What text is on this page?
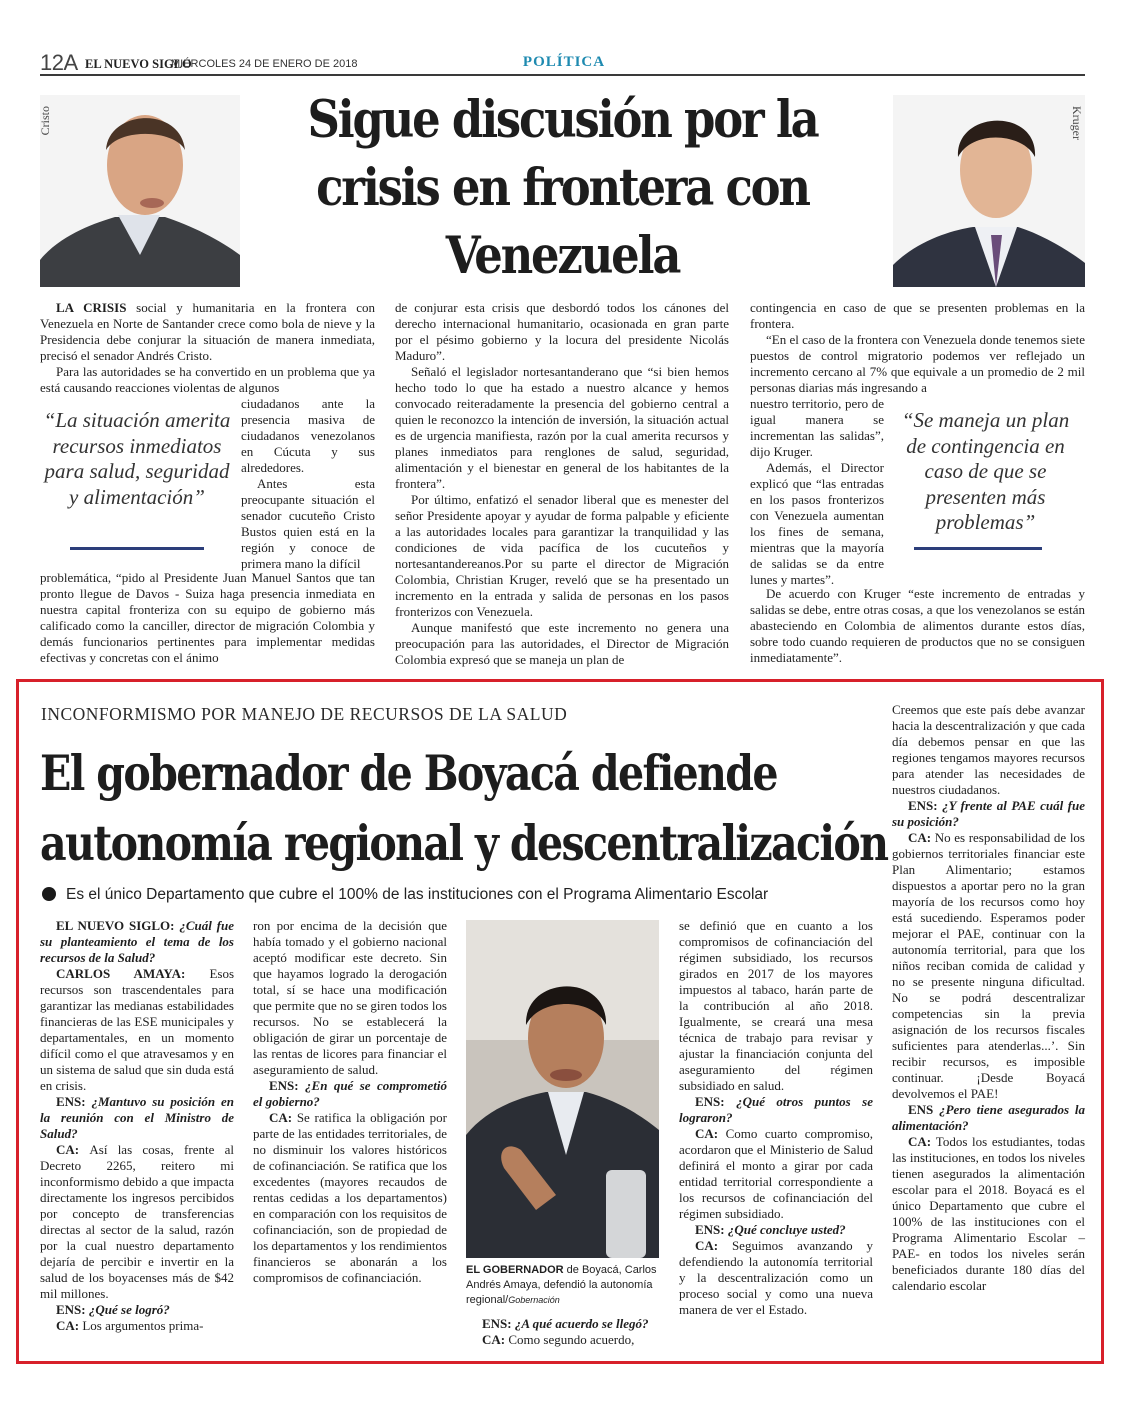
12A EL NUEVO SIGLO
MIÉRCOLES 24 DE ENERO DE 2018	POLÍTICA
Cristo	Kruger
Sigue discusión por la
crisis en frontera con
Venezuela

LA CRISIS social y humanitaria en la frontera con Venezuela en Norte de Santander crece como bola de nieve y la Presidencia debe conjurar la situación de manera inmediata, precisó el senador Andrés Cristo.

Para las autoridades se ha convertido en un problema que ya está causando reacciones violentas de algunos

“La situación amerita recursos inmediatos para salud, seguridad y alimentación”

ciudadanos ante la presencia masiva de ciudadanos venezolanos en Cúcuta y sus alrededores.

Antes esta preocupante situación el senador cucuteño Cristo Bustos quien está en la región y conoce de primera mano la difícil

problemática, “pido al Presidente Juan Manuel Santos que tan pronto llegue de Davos - Suiza haga presencia inmediata en nuestra capital fronteriza con su equipo de gobierno más calificado como la canciller, director de migración Colombia y demás funcionarios pertinentes para implementar medidas efectivas y concretas con el ánimo

de conjurar esta crisis que desbordó todos los cánones del derecho internacional humanitario, ocasionada en gran parte por el pésimo gobierno y la locura del presidente Nicolás Maduro”.

Señaló el legislador nortesantanderano que “si bien hemos hecho todo lo que ha estado a nuestro alcance y hemos convocado reiteradamente la presencia del gobierno central a quien le reconozco la intención de inversión, la situación actual es de urgencia manifiesta, razón por la cual amerita recursos y planes inmediatos para renglones de salud, seguridad, alimentación y el bienestar en general de los habitantes de la frontera”.

Por último, enfatizó el senador liberal que es menester del señor Presidente apoyar y ayudar de forma palpable y eficiente a las autoridades locales para garantizar la tranquilidad y las condiciones de vida pacífica de los cucuteños y nortesantandereanos.Por su parte el director de Migración Colombia, Christian Kruger, reveló que se ha presentado un incremento en la entrada y salida de personas en los pasos fronterizos con Venezuela.

Aunque manifestó que este incremento no genera una preocupación para las autoridades, el Director de Migración Colombia expresó que se maneja un plan de

contingencia en caso de que se presenten problemas en la frontera.

“En el caso de la frontera con Venezuela donde tenemos siete puestos de control migratorio podemos ver reflejado un incremento cercano al 7% que equivale a un promedio de 2 mil personas diarias más ingresando a

nuestro territorio, pero de igual manera se incrementan las salidas”, dijo Kruger.

Además, el Director explicó que “las entradas en los pasos fronterizos con Venezuela aumentan los fines de semana, mientras que la mayoría de salidas se da entre lunes y martes”.

“Se maneja un plan de contingencia en caso de que se presenten más problemas”

De acuerdo con Kruger “este incremento de entradas y salidas se debe, entre otras cosas, a que los venezolanos se están abasteciendo en Colombia de alimentos durante estos días, sobre todo cuando requieren de productos que no se consiguen inmediatamente”.

INCONFORMISMO POR MANEJO DE RECURSOS DE LA SALUD
El gobernador de Boyacá defiende
autonomía regional y descentralización
Es el único Departamento que cubre el 100% de las instituciones con el Programa Alimentario Escolar

EL NUEVO SIGLO: ¿Cuál fue su planteamiento el tema de los recursos de la Salud?

CARLOS AMAYA: Esos recursos son trascendentales para garantizar las medianas estabilidades financieras de las ESE municipales y departamentales, en un momento difícil como el que atravesamos y en un sistema de salud que sin duda está en crisis.

ENS: ¿Mantuvo su posición en la reunión con el Ministro de Salud?

CA: Así las cosas, frente al Decreto 2265, reitero mi inconformismo debido a que impacta directamente los ingresos percibidos por concepto de transferencias directas al sector de la salud, razón por la cual nuestro departamento dejaría de percibir e invertir en la salud de los boyacenses más de $42 mil millones.

ENS: ¿Qué se logró?

CA: Los argumentos prima-

ron por encima de la decisión que había tomado y el gobierno nacional aceptó modificar este decreto. Sin que hayamos logrado la derogación total, sí se hace una modificación que permite que no se giren todos los recursos. No se establecerá la obligación de girar un porcentaje de las rentas de licores para financiar el aseguramiento de salud.

ENS: ¿En qué se comprometió el gobierno?

CA: Se ratifica la obligación por parte de las entidades territoriales, de no disminuir los valores históricos de cofinanciación. Se ratifica que los excedentes (mayores recaudos de rentas cedidas a los departamentos) en comparación con los requisitos de cofinanciación, son de propiedad de los departamentos y los rendimientos financieros se abonarán a los compromisos de cofinanciación.	EL GOBERNADOR de Boyacá, Carlos Andrés Amaya, defendió la autonomía regional/Gobernación

ENS: ¿A qué acuerdo se llegó?

CA: Como segundo acuerdo,

se definió que en cuanto a los compromisos de cofinanciación del régimen subsidiado, los recursos girados en 2017 de los mayores impuestos al tabaco, harán parte de la contribución al año 2018. Igualmente, se creará una mesa técnica de trabajo para revisar y ajustar la financiación conjunta del aseguramiento del régimen subsidiado en salud.

ENS: ¿Qué otros puntos se lograron?

CA: Como cuarto compromiso, acordaron que el Ministerio de Salud definirá el monto a girar por cada entidad territorial correspondiente a los recursos de cofinanciación del régimen subsidiado.

ENS: ¿Qué concluye usted?

CA: Seguimos avanzando y defendiendo la autonomía territorial y la descentralización como un proceso social y como una nueva manera de ver el Estado.

Creemos que este país debe avanzar hacia la descentralización y que cada día debemos pensar en que las regiones tengamos mayores recursos para atender las necesidades de nuestros ciudadanos.

ENS: ¿Y frente al PAE cuál fue su posición?

CA: No es responsabilidad de los gobiernos territoriales financiar este Plan Alimentario; estamos dispuestos a aportar pero no la gran mayoría de los recursos como hoy está sucediendo. Esperamos poder mejorar el PAE, continuar con la autonomía territorial, para que los niños reciban comida de calidad y no se presente ninguna dificultad. No se podrá descentralizar competencias sin la previa asignación de los recursos fiscales suficientes para atenderlas...’. Sin recibir recursos, es imposible continuar. ¡Desde Boyacá devolvemos el PAE!

ENS ¿Pero tiene asegurados la alimentación?

CA: Todos los estudiantes, todas las instituciones, en todos los niveles tienen asegurados la alimentación escolar para el 2018. Boyacá es el único Departamento que cubre el 100% de las instituciones con el Programa Alimentario Escolar –PAE- en todos los niveles serán beneficiados durante 180 días del calendario escolar
